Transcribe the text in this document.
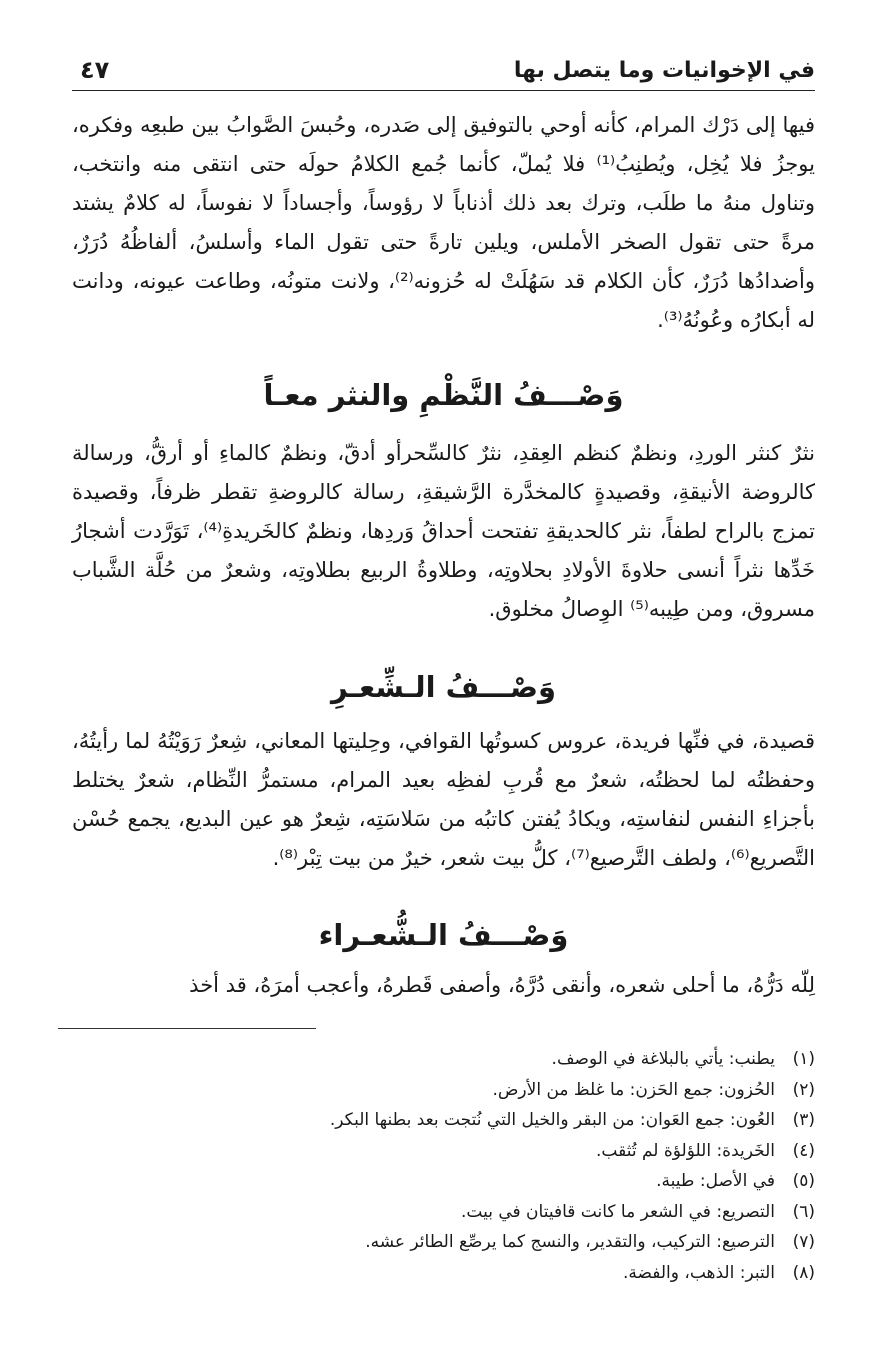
في الإخوانيات وما يتصل بها
٤٧

فيها إلى دَرْك المرام، كأنه أوحي بالتوفيق إلى صَدره، وحُبسَ الصَّوابُ بين طبعِه وفكره، يوجزُ فلا يُخِل، ويُطنِبُ⁽¹⁾ فلا يُملّ، كأنما جُمع الكلامُ حولَه حتى انتقى منه وانتخب، وتناول منهُ ما طلَب، وترك بعد ذلك أذناباً لا رؤوساً، وأجساداً لا نفوساً، له كلامٌ يشتد مرةً حتى تقول الصخر الأملس، ويلين تارةً حتى تقول الماء وأسلسُ، ألفاظُهُ دُرَرٌ، وأضدادُها دُرَرٌ، كأن الكلام قد سَهُلَتْ له حُزونه⁽²⁾، ولانت متونُه، وطاعت عيونه، ودانت له أبكارُه وعُونُهُ⁽³⁾.

وَصْـــفُ النَّظْمِ والنثر معـاً

نثرٌ كنثر الوردِ، ونظمٌ كنظم العِقدِ، نثرٌ كالسِّحرأو أدقّ، ونظمٌ كالماءِ أو أرقُّ، ورسالة كالروضة الأنيقةِ، وقصيدةٍ كالمخدَّرة الرَّشيقةِ، رسالة كالروضةِ تقطر ظرفاً، وقصيدة تمزج بالراح لطفاً، نثر كالحديقةِ تفتحت أحداقُ وَردِها، ونظمٌ كالخَريدةِ⁽⁴⁾، تَوَرَّدت أشجارُ خَدِّها نثراً أنسى حلاوةَ الأولادِ بحلاوتِه، وطلاوةُ الربيع بطلاوتِه، وشعرٌ من حُلَّة الشَّباب مسروق، ومن طِيبه⁽⁵⁾ الوِصالُ مخلوق.

وَصْـــفُ الـشِّعـرِ

قصيدة، في فنِّها فريدة، عروس كسوتُها القوافي، وحِليتها المعاني، شِعرٌ رَوَيْتُهُ لما رأيتُهُ، وحفظتُه لما لحظتُه، شعرٌ مع قُربِ لفظِه بعيد المرام، مستمرُّ النِّظام، شعرٌ يختلط بأجزاءِ النفس لنفاستِه، ويكادُ يُفتن كاتبُه من سَلاسَتِه، شِعرٌ هو عين البديع، يجمع حُسْن التَّصريع⁽⁶⁾، ولطف التَّرصيع⁽⁷⁾، كلُّ بيت شعر، خيرٌ من بيت تِبْر⁽⁸⁾.

وَصْـــفُ الـشُّعـراء

لِلّه دَرُّهُ، ما أحلى شعره، وأنقى دُرَّهُ، وأصفى قَطرهُ، وأعجب أمرَهُ، قد أخذ

(١)
يطنب: يأتي بالبلاغة في الوصف.
(٢)
الحُزون: جمع الحَزن: ما غلظ من الأرض.
(٣)
العُون: جمع العَوان: من البقر والخيل التي نُتجت بعد بطنها البكر.
(٤)
الخَريدة: اللؤلؤة لم تُثقب.
(٥)
في الأصل: طيبة.
(٦)
التصريع: في الشعر ما كانت قافيتان في بيت.
(٧)
الترصيع: التركيب، والتقدير، والنسج كما يرصِّع الطائر عشه.
(٨)
التبر: الذهب، والفضة.
